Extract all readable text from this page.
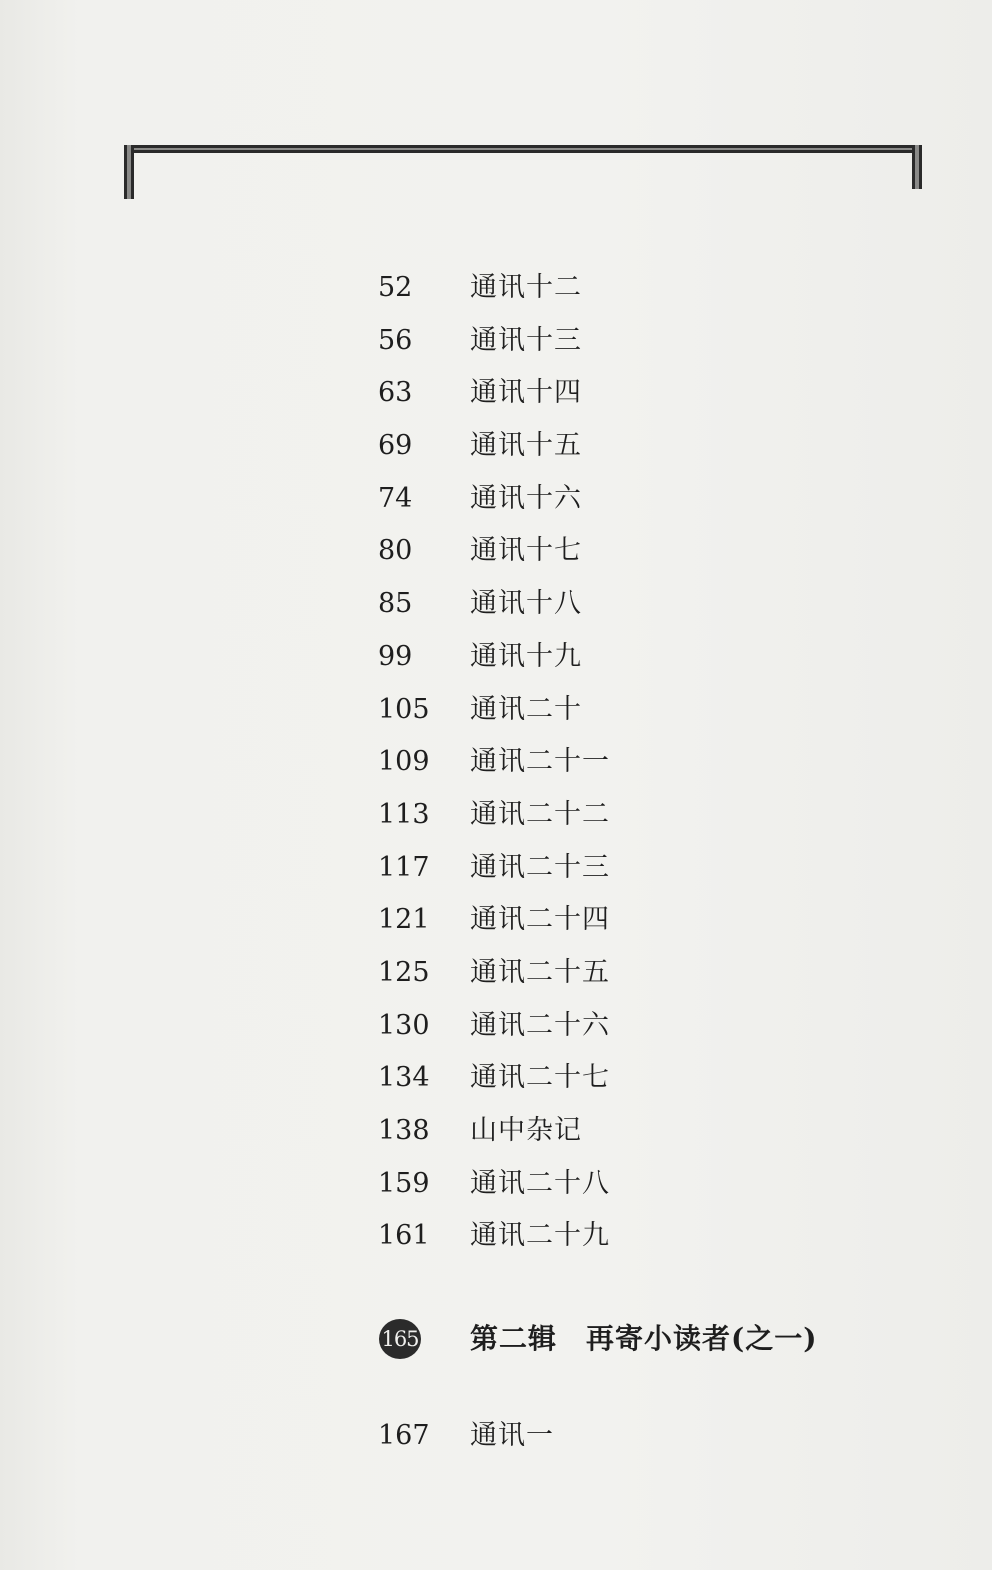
52	通讯十二
56	通讯十三
63	通讯十四
69	通讯十五
74	通讯十六
80	通讯十七
85	通讯十八
99	通讯十九
105	通讯二十
109	通讯二十一
113	通讯二十二
117	通讯二十三
121	通讯二十四
125	通讯二十五
130	通讯二十六
134	通讯二十七
138	山中杂记
159	通讯二十八
161	通讯二十九
165 第二辑　再寄小读者(之一)
167	通讯一
